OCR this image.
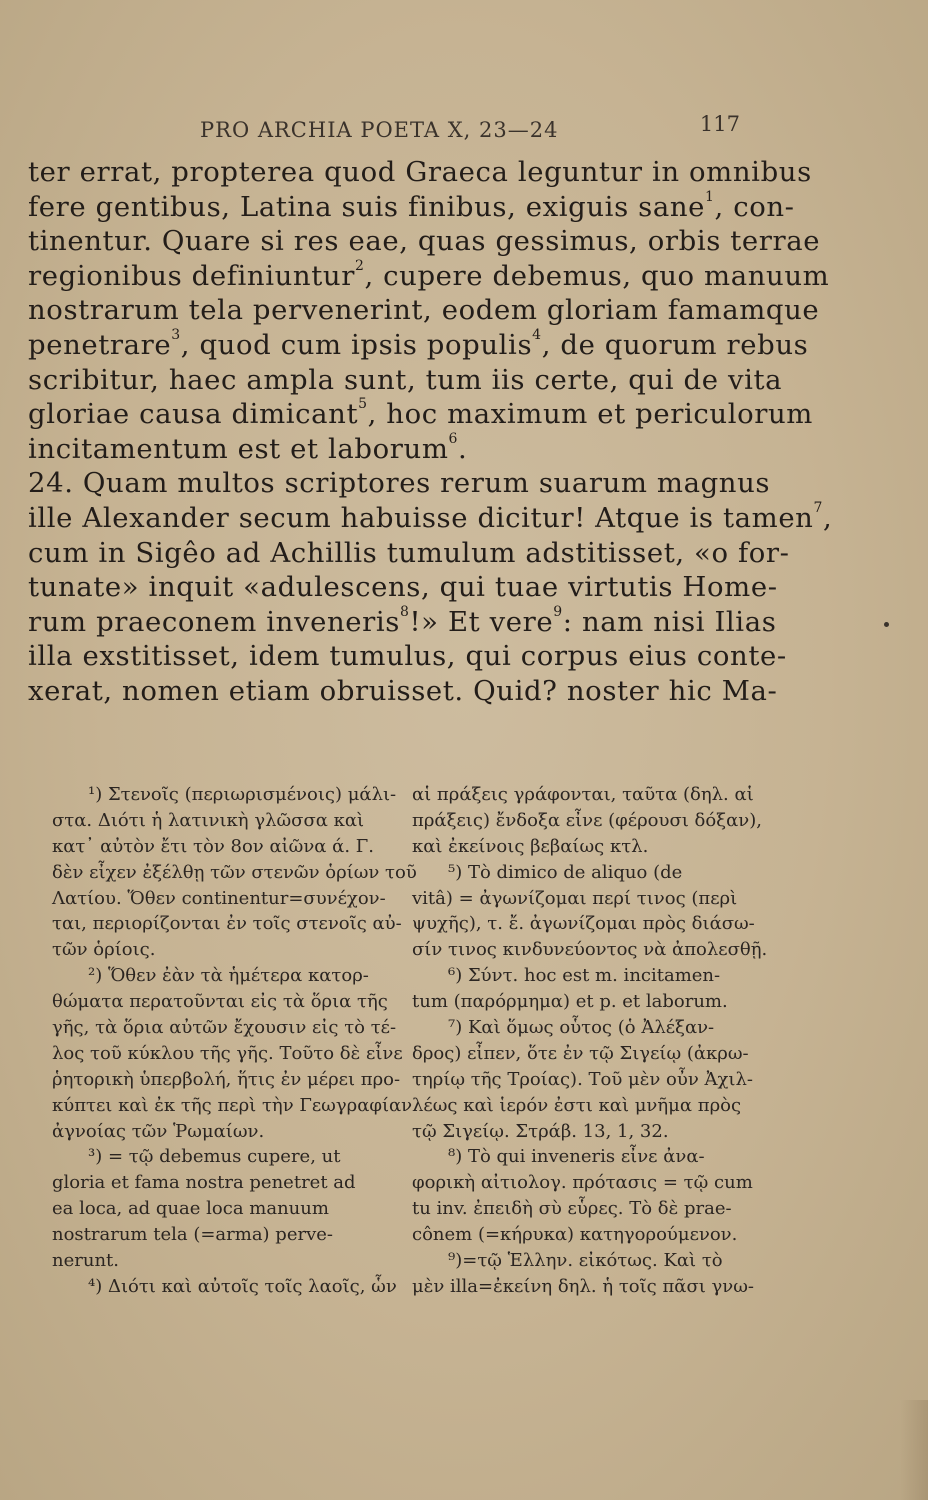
PRO ARCHIA POETA X, 23—24	117
ter errat, propterea quod Graeca leguntur in omnibus
fere gentibus, Latina suis finibus, exiguis sane$^1$, con-
tinentur. Quare si res eae, quas gessimus, orbis terrae
regionibus definiuntur$^2$, cupere debemus, quo manuum
nostrarum tela pervenerint, eodem gloriam famamque
penetrare$^3$, quod cum ipsis populis$^4$, de quorum rebus
scribitur, haec ampla sunt, tum iis certe, qui de vita
gloriae causa dimicant$^5$, hoc maximum et periculorum
incitamentum est et laborum$^6$.
24. Quam multos scriptores rerum suarum magnus
ille Alexander secum habuisse dicitur! Atque is tamen$^7$,
cum in Sigêo ad Achillis tumulum adstitisset, «o for-
tunate» inquit «adulescens, qui tuae virtutis Home-
rum praeconem inveneris$^8$!» Et vere$^9$: nam nisi Ilias
illa exstitisset, idem tumulus, qui corpus eius conte-
xerat, nomen etiam obruisset. Quid? noster hic Ma-
¹) Στενοῖς (περιωρισμένοις) μάλι-
στα. Διότι ἡ λατινικὴ γλῶσσα καὶ
κατ᾿ αὐτὸν ἔτι τὸν 8ον αἰῶνα ά. Γ.
δὲν εἶχεν ἐξέλθῃ τῶν στενῶν ὁρίων τοῦ
Λατίου. Ὅθεν continentur=συνέχον-
ται, περιορίζονται ἐν τοῖς στενοῖς αὐ-
τῶν ὁρίοις.
²) Ὅθεν ἐὰν τὰ ἡμέτερα κατορ-
θώματα περατοῦνται εἰς τὰ ὅρια τῆς
γῆς, τὰ ὅρια αὐτῶν ἔχουσιν εἰς τὸ τέ-
λος τοῦ κύκλου τῆς γῆς. Τοῦτο δὲ εἶνε
ῥητορικὴ ὑπερβολή, ἥτις ἐν μέρει προ-
κύπτει καὶ ἐκ τῆς περὶ τὴν Γεωγραφίαν
ἀγνοίας τῶν Ῥωμαίων.
³) = τῷ debemus cupere, ut
gloria et fama nostra penetret ad
ea loca, ad quae loca manuum
nostrarum tela (=arma) perve-
nerunt.
⁴) Διότι καὶ αὐτοῖς τοῖς λαοῖς, ὧν
αἱ πράξεις γράφονται, ταῦτα (δηλ. αἱ
πράξεις) ἔνδοξα εἶνε (φέρουσι δόξαν),
καὶ ἐκείνοις βεβαίως κτλ.
⁵) Τὸ dimico de aliquo (de
vitâ) = ἀγωνίζομαι περί τινος (περὶ
ψυχῆς), τ. ἔ. ἀγωνίζομαι πρὸς διάσω-
σίν τινος κινδυνεύοντος νὰ ἀπολεσθῇ.
⁶) Σύντ. hoc est m. incitamen-
tum (παρόρμημα) et p. et laborum.
⁷) Καὶ ὅμως οὗτος (ὁ Ἀλέξαν-
δρος) εἶπεν, ὅτε ἐν τῷ Σιγείῳ (ἀκρω-
τηρίῳ τῆς Τροίας). Τοῦ μὲν οὖν Ἀχιλ-
λέως καὶ ἱερόν ἐστι καὶ μνῆμα πρὸς
τῷ Σιγείῳ. Στράβ. 13, 1, 32.
⁸) Τὸ qui inveneris εἶνε ἀνα-
φορικὴ αἰτιολογ. πρότασις = τῷ cum
tu inv. ἐπειδὴ σὺ εὗρες. Τὸ δὲ prae-
cônem (=κήρυκα) κατηγορούμενον.
⁹)=τῷ Ἑλλην. εἰκότως. Καὶ τὸ
μὲν illa=ἐκείνη δηλ. ἡ τοῖς πᾶσι γνω-
